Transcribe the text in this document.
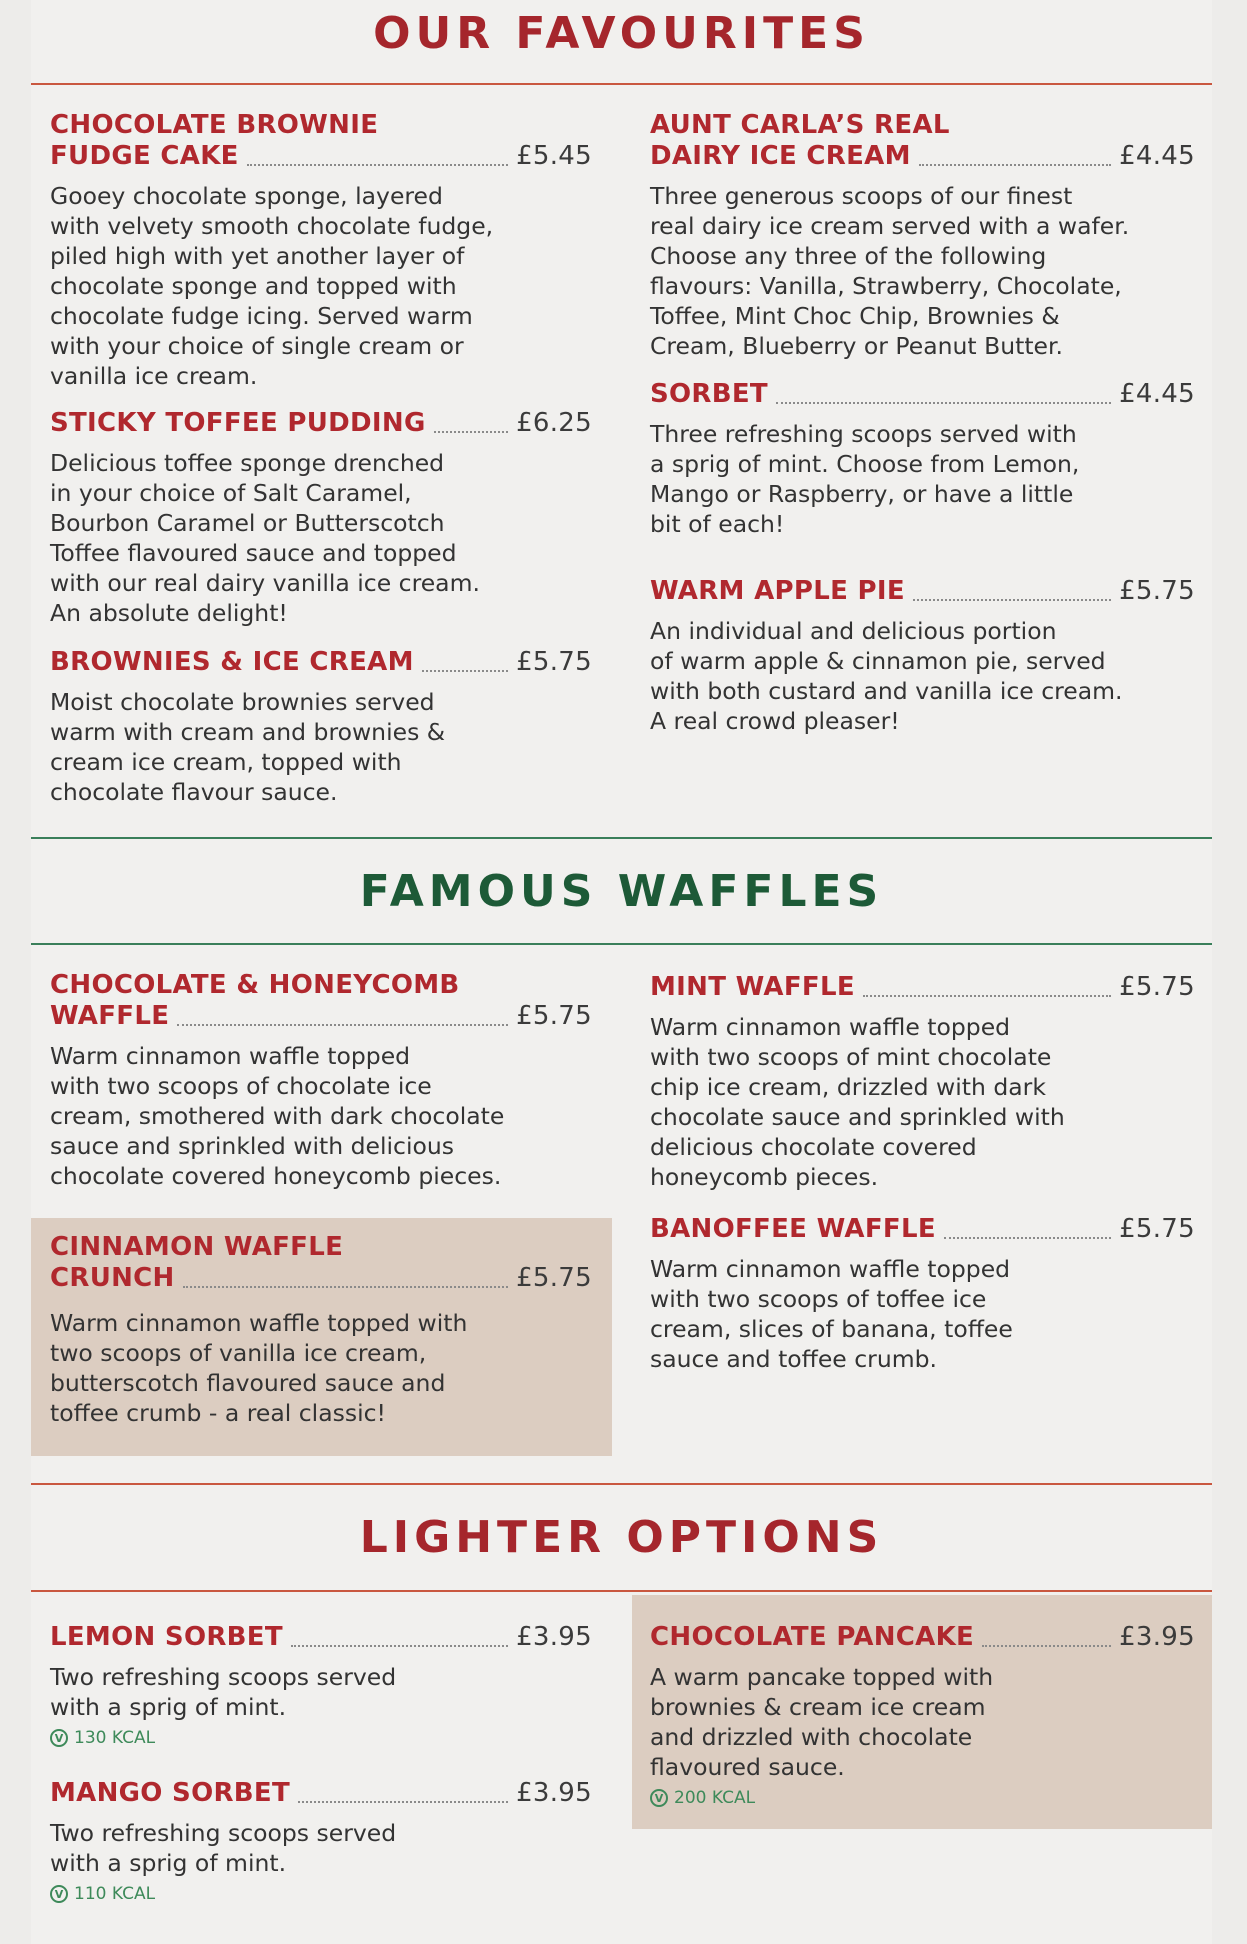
OUR FAVOURITES
CHOCOLATE BROWNIE
FUDGE CAKE	£5.45
Gooey chocolate sponge, layered
with velvety smooth chocolate fudge,
piled high with yet another layer of
chocolate sponge and topped with
chocolate fudge icing. Served warm
with your choice of single cream or
vanilla ice cream.
STICKY TOFFEE PUDDING	£6.25
Delicious toffee sponge drenched
in your choice of Salt Caramel,
Bourbon Caramel or Butterscotch
Toffee flavoured sauce and topped
with our real dairy vanilla ice cream.
An absolute delight!
BROWNIES & ICE CREAM	£5.75
Moist chocolate brownies served
warm with cream and brownies &
cream ice cream, topped with
chocolate flavour sauce.
AUNT CARLA’S REAL
DAIRY ICE CREAM	£4.45
Three generous scoops of our finest
real dairy ice cream served with a wafer.
Choose any three of the following
flavours: Vanilla, Strawberry, Chocolate,
Toffee, Mint Choc Chip, Brownies &
Cream, Blueberry or Peanut Butter.
SORBET	£4.45
Three refreshing scoops served with
a sprig of mint. Choose from Lemon,
Mango or Raspberry, or have a little
bit of each!
WARM APPLE PIE	£5.75
An individual and delicious portion
of warm apple & cinnamon pie, served
with both custard and vanilla ice cream.
A real crowd pleaser!
FAMOUS WAFFLES
CHOCOLATE & HONEYCOMB
WAFFLE	£5.75
Warm cinnamon waffle topped
with two scoops of chocolate ice
cream, smothered with dark chocolate
sauce and sprinkled with delicious
chocolate covered honeycomb pieces.
CINNAMON WAFFLE
CRUNCH	£5.75
Warm cinnamon waffle topped with
two scoops of vanilla ice cream,
butterscotch flavoured sauce and
toffee crumb - a real classic!
MINT WAFFLE	£5.75
Warm cinnamon waffle topped
with two scoops of mint chocolate
chip ice cream, drizzled with dark
chocolate sauce and sprinkled with
delicious chocolate covered
honeycomb pieces.
BANOFFEE WAFFLE	£5.75
Warm cinnamon waffle topped
with two scoops of toffee ice
cream, slices of banana, toffee
sauce and toffee crumb.
LIGHTER OPTIONS
LEMON SORBET	£3.95
Two refreshing scoops served
with a sprig of mint.
V 130 KCAL
MANGO SORBET	£3.95
Two refreshing scoops served
with a sprig of mint.
V 110 KCAL
CHOCOLATE PANCAKE	£3.95
A warm pancake topped with
brownies & cream ice cream
and drizzled with chocolate
flavoured sauce.
V 200 KCAL
